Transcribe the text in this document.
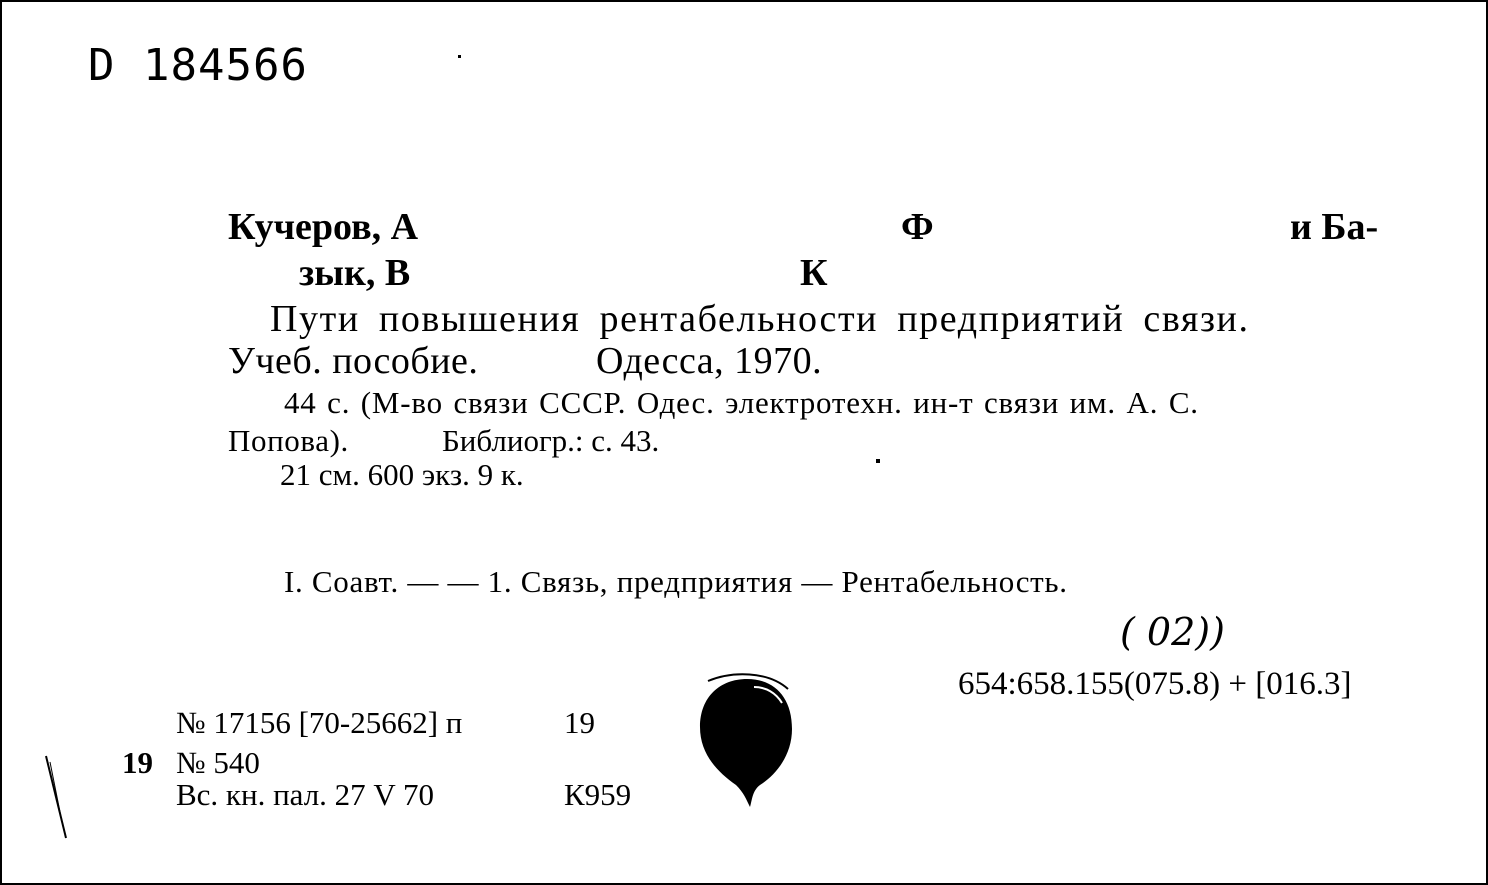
D 184566
Кучеров, А	Ф	и Ба-
зык, В	К
Пути повышения рентабельности предприятий связи.
Учеб. пособие.	Одесса, 1970.
44 с. (М-во связи СССР. Одес. электротехн. ин-т связи им. А. С.
Попова).	Библиогр.: с. 43.
21 см. 600 экз. 9 к.
I. Соавт. — — 1. Связь, предприятия — Рентабельность.
( 02))
654:658.155(075.8) + [016.3]
№ 17156 [70-25662] п	19
19 № 540
Вс. кн. пал. 27 V 70	К959
